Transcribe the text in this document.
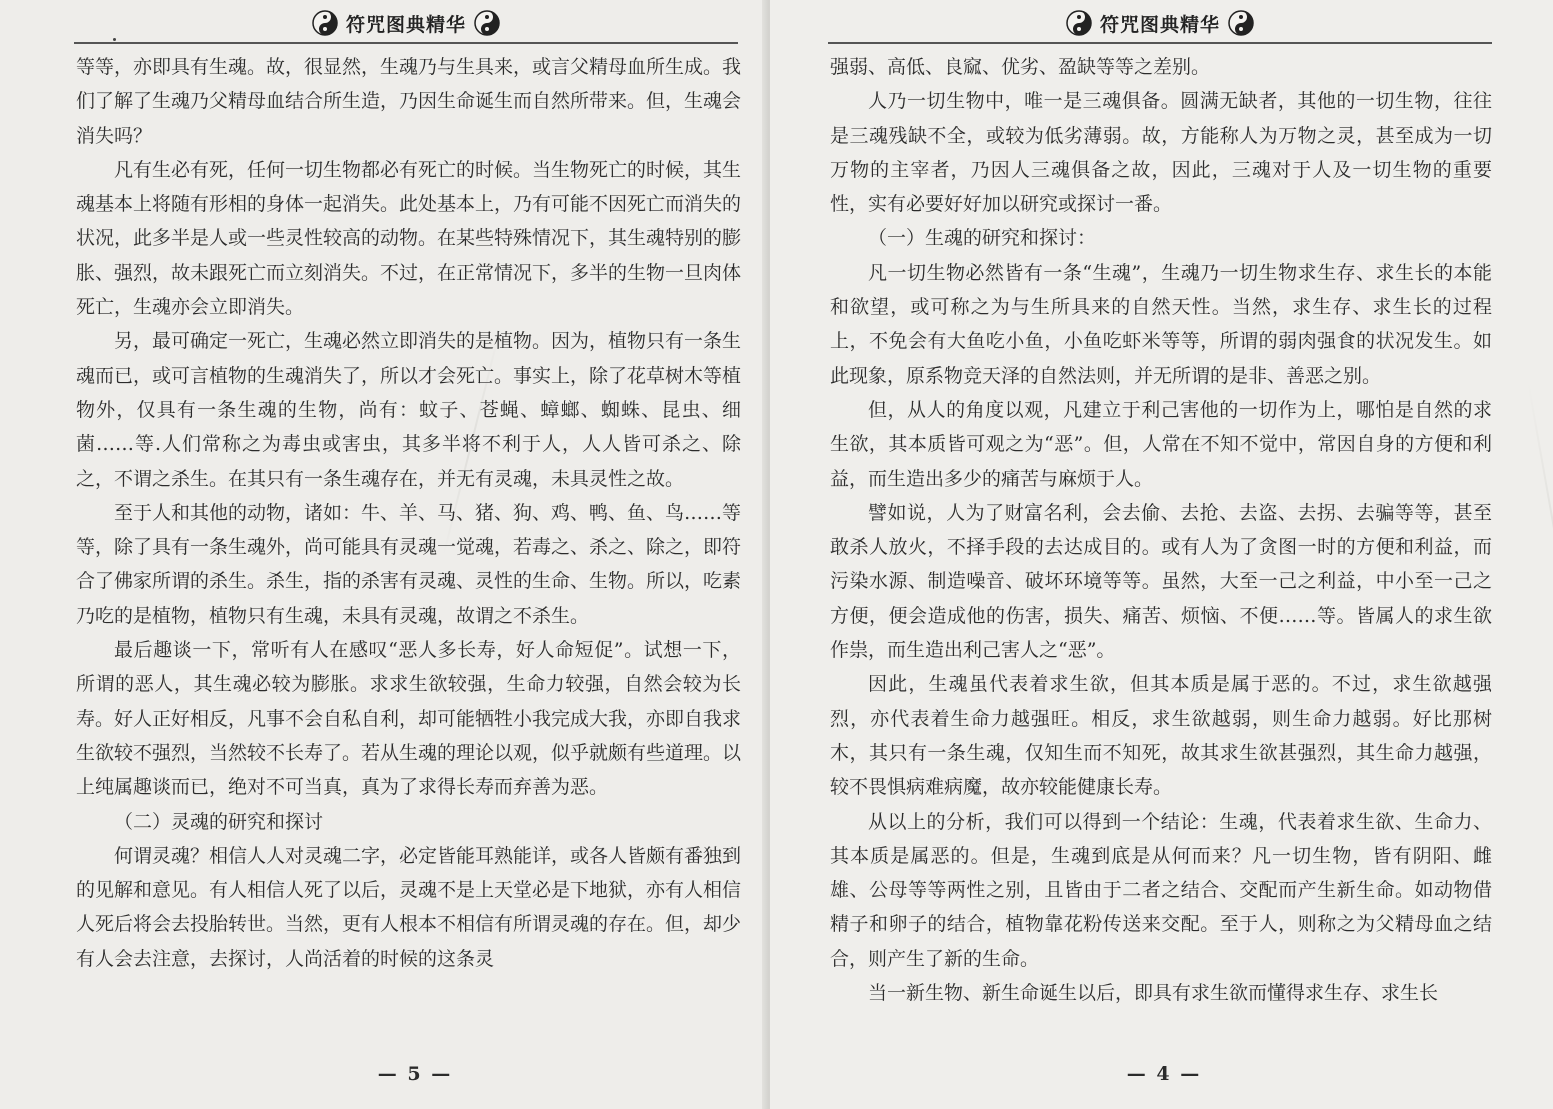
符咒图典精华

等等，亦即具有生魂。故，很显然，生魂乃与生具来，或言父精母血所生成。我们了解了生魂乃父精母血结合所生造，乃因生命诞生而自然所带来。但，生魂会消失吗？

凡有生必有死，任何一切生物都必有死亡的时候。当生物死亡的时候，其生魂基本上将随有形相的身体一起消失。此处基本上，乃有可能不因死亡而消失的状况，此多半是人或一些灵性较高的动物。在某些特殊情况下，其生魂特别的膨胀、强烈，故未跟死亡而立刻消失。不过，在正常情况下，多半的生物一旦肉体死亡，生魂亦会立即消失。

另，最可确定一死亡，生魂必然立即消失的是植物。因为，植物只有一条生魂而已，或可言植物的生魂消失了，所以才会死亡。事实上，除了花草树木等植物外，仅具有一条生魂的生物，尚有：蚊子、苍蝇、蟑螂、蜘蛛、昆虫、细菌……等.人们常称之为毒虫或害虫，其多半将不利于人，人人皆可杀之、除之，不谓之杀生。在其只有一条生魂存在，并无有灵魂，未具灵性之故。

至于人和其他的动物，诸如：牛、羊、马、猪、狗、鸡、鸭、鱼、鸟……等等，除了具有一条生魂外，尚可能具有灵魂一觉魂，若毒之、杀之、除之，即符合了佛家所谓的杀生。杀生，指的杀害有灵魂、灵性的生命、生物。所以，吃素乃吃的是植物，植物只有生魂，未具有灵魂，故谓之不杀生。

最后趣谈一下，常听有人在感叹“恶人多长寿，好人命短促”。试想一下，所谓的恶人，其生魂必较为膨胀。求求生欲较强，生命力较强，自然会较为长寿。好人正好相反，凡事不会自私自利，却可能牺牲小我完成大我，亦即自我求生欲较不强烈，当然较不长寿了。若从生魂的理论以观，似乎就颇有些道理。以上纯属趣谈而已，绝对不可当真，真为了求得长寿而弃善为恶。

（二）灵魂的研究和探讨

何谓灵魂？相信人人对灵魂二字，必定皆能耳熟能详，或各人皆颇有番独到的见解和意见。有人相信人死了以后，灵魂不是上天堂必是下地狱，亦有人相信人死后将会去投胎转世。当然，更有人根本不相信有所谓灵魂的存在。但，却少有人会去注意，去探讨，人尚活着的时候的这条灵

— 5 —
符咒图典精华

强弱、高低、良窳、优劣、盈缺等等之差别。

人乃一切生物中，唯一是三魂俱备。圆满无缺者，其他的一切生物，往往是三魂残缺不全，或较为低劣薄弱。故，方能称人为万物之灵，甚至成为一切万物的主宰者，乃因人三魂俱备之故，因此，三魂对于人及一切生物的重要性，实有必要好好加以研究或探讨一番。

（一）生魂的研究和探讨：

凡一切生物必然皆有一条“生魂”，生魂乃一切生物求生存、求生长的本能和欲望，或可称之为与生所具来的自然天性。当然，求生存、求生长的过程上，不免会有大鱼吃小鱼，小鱼吃虾米等等，所谓的弱肉强食的状况发生。如此现象，原系物竞天泽的自然法则，并无所谓的是非、善恶之别。

但，从人的角度以观，凡建立于利己害他的一切作为上，哪怕是自然的求生欲，其本质皆可观之为“恶”。但，人常在不知不觉中，常因自身的方便和利益，而生造出多少的痛苦与麻烦于人。

譬如说，人为了财富名利，会去偷、去抢、去盗、去拐、去骗等等，甚至敢杀人放火，不择手段的去达成目的。或有人为了贪图一时的方便和利益，而污染水源、制造噪音、破坏环境等等。虽然，大至一己之利益，中小至一己之方便，便会造成他的伤害，损失、痛苦、烦恼、不便……等。皆属人的求生欲作祟，而生造出利己害人之“恶”。

因此，生魂虽代表着求生欲，但其本质是属于恶的。不过，求生欲越强烈，亦代表着生命力越强旺。相反，求生欲越弱，则生命力越弱。好比那树木，其只有一条生魂，仅知生而不知死，故其求生欲甚强烈，其生命力越强，较不畏惧病难病魔，故亦较能健康长寿。

从以上的分析，我们可以得到一个结论：生魂，代表着求生欲、生命力、其本质是属恶的。但是，生魂到底是从何而来？凡一切生物，皆有阴阳、雌雄、公母等等两性之别，且皆由于二者之结合、交配而产生新生命。如动物借精子和卵子的结合，植物靠花粉传送来交配。至于人，则称之为父精母血之结合，则产生了新的生命。

当一新生物、新生命诞生以后，即具有求生欲而懂得求生存、求生长

— 4 —
